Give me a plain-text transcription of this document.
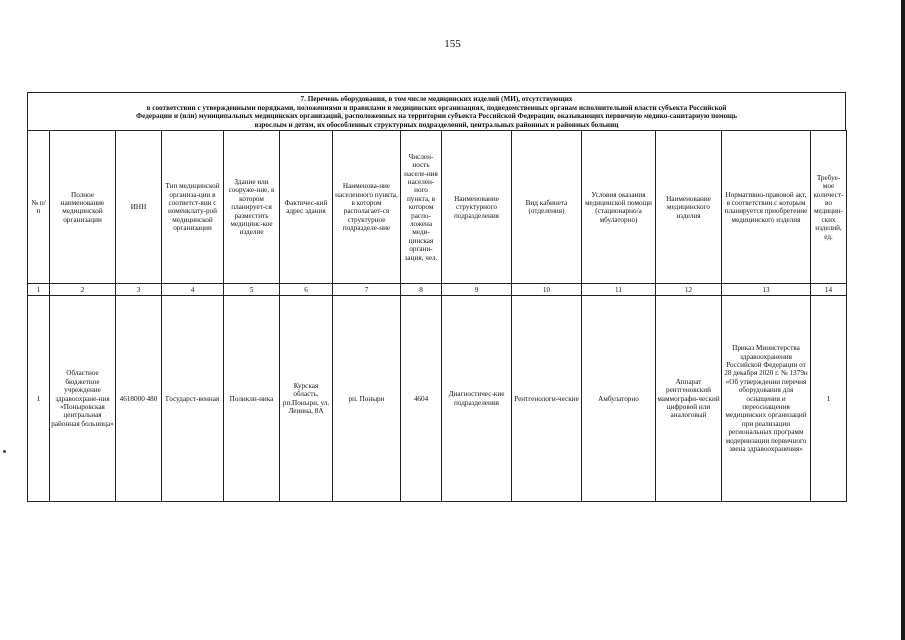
155
7. Перечень оборудования, в том числе медицинских изделий (МИ), отсутствующих
в соответствии с утвержденными порядками, положениями и правилами в медицинских организациях, подведомственных органам исполнительной власти субъекта Российской
Федерации и (или) муниципальных медицинских организаций, расположенных на территории субъекта Российской Федерации, оказывающих первичную медико-санитарную помощь
взрослым и детям, их обособленных структурных подразделений, центральных районных и районных больниц
№ п/ п	Полное наименование медицинской организации	ИНН	Тип медицинской организа-ции в соответст-вии с номенклату-рой медицинской организации	Здание или сооруже-ние, в котором планирует-ся разместить медицинс-кое изделие	Фактичес-кий адрес здания	Наименова-ние населенного пункта, в котором располагает-ся структурное подразделе-ние	Числен-ность населе-ния населен-ного пункта, в котором распо-ложена меди-цинская органи-зация, чел.	Наименование структурного подразделения	Вид кабинета (отделения)	Условия оказания медицинской помощи (стационарно/а мбулаторно)	Наименование медицинского изделия	Нормативно-правовой акт, в соответствии с которым планируется приобретение медицинского изделия	Требуе-мое количест-во медицин-ских изделий, ед.
1	2	3	4	5	6	7	8	9	10	11	12	13	14
1	Областное бюджетное учреждение здравоохране-ния «Поныровская центральная районная больница»	4618000 480	Государст-венная	Поликли-ника	Курская область, рп.Поныри, ул. Ленина, 8А	рп. Поныри	4604	Диагностичес-кие подразделения	Рентгенологи-ческие	Амбулаторно	Аппарат рентгеновский маммографи-ческий цифровой или аналоговый	Приказ Министерства здравоохранения Российской Федерации от 28 декабря 2020 г. № 1379н «Об утверждении перечня оборудования для оснащения и переоснащения медицинских организаций при реализации региональных программ модернизации первичного звена здравоохранения»	1
